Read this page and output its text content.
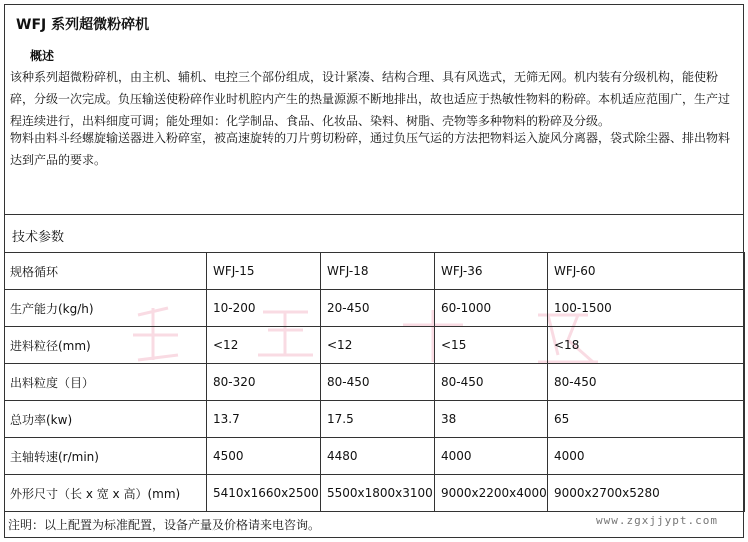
WFJ 系列超微粉碎机
概述
该种系列超微粉碎机，由主机、辅机、电控三个部份组成，设计紧凑、结构合理、具有风选式，无筛无网。机内装有分级机构，能使粉碎，分级一次完成。负压输送使粉碎作业时机腔内产生的热量源源不断地排出，故也适应于热敏性物料的粉碎。本机适应范围广，生产过程连续进行，出料细度可调；能处理如：化学制品、食品、化妆品、染料、树脂、壳物等多种物料的粉碎及分级。
物料由料斗经螺旋输送器进入粉碎室，被高速旋转的刀片剪切粉碎，通过负压气运的方法把物料运入旋风分离器，袋式除尘器、排出物料达到产品的要求。
技术参数
规格循环	WFJ-15	WFJ-18	WFJ-36	WFJ-60
生产能力(kg/h)	10-200	20-450	60-1000	100-1500
进料粒径(mm)	<12	<12	<15	<18
出料粒度（目）	80-320	80-450	80-450	80-450
总功率(kw)	13.7	17.5	38	65
主轴转速(r/min)	4500	4480	4000	4000
外形尺寸（长 x 宽 x 高）(mm)	5410x1660x2500	5500x1800x3100	9000x2200x4000	9000x2700x5280
注明：以上配置为标准配置，设备产量及价格请来电咨询。	www.zgxjjypt.com
